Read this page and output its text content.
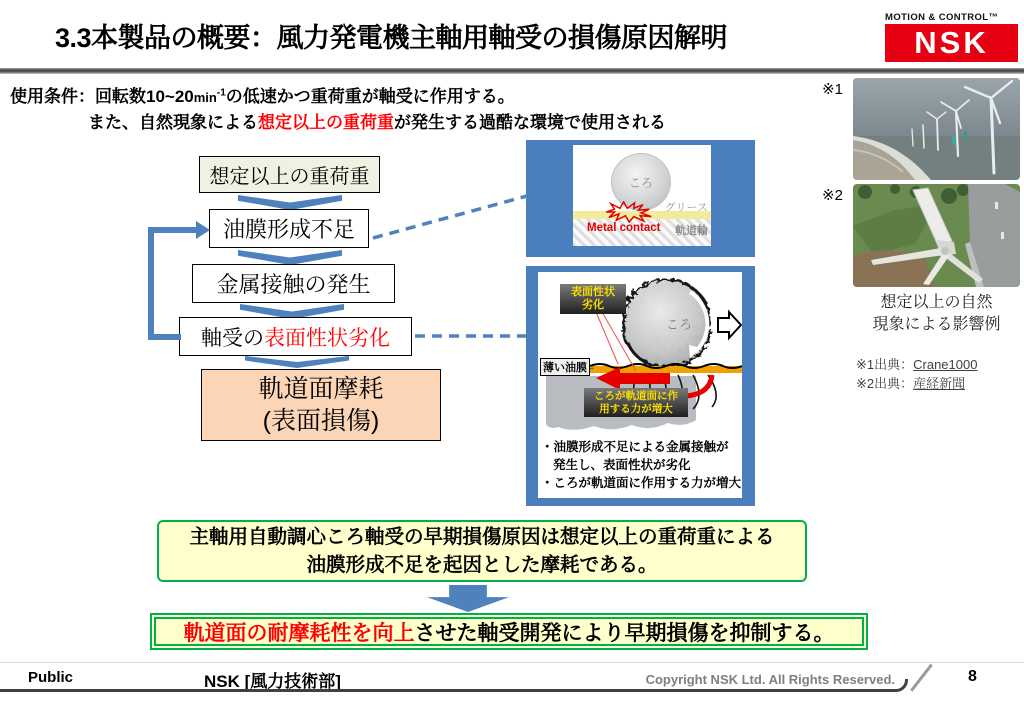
3.3本製品の概要：風力発電機主軸用軸受の損傷原因解明
MOTION & CONTROL™
NSK
使用条件：回転数$10\sim 20\min^{-1}$の低速かつ重荷重が軸受に作用する。
また、自然現象による想定以上の重荷重が発生する過酷な環境で使用される
想定以上の重荷重
油膜形成不足
金属接触の発生
軸受の 表面性状劣化
軌道面摩耗
(表面損傷)
ころ
グリース
Metal contact 軌道輪
表面性状
劣化
薄い油膜
ころ
ころが軌道面に作
用する力が増大
・油膜形成不足による金属接触が
発生し、表面性状が劣化
・ころが軌道面に作用する力が増大
※1
※2
想定以上の自然
現象による影響例
※1出典：Crane1000
※2出典：産経新聞
主軸用自動調心ころ軸受の早期損傷原因は想定以上の重荷重による
油膜形成不足を起因とした摩耗である。
軌道面の耐摩耗性を向上 させた軸受開発により早期損傷を抑制する。
Public	NSK [風力技術部]	Copyright NSK Ltd. All Rights Reserved.	8
